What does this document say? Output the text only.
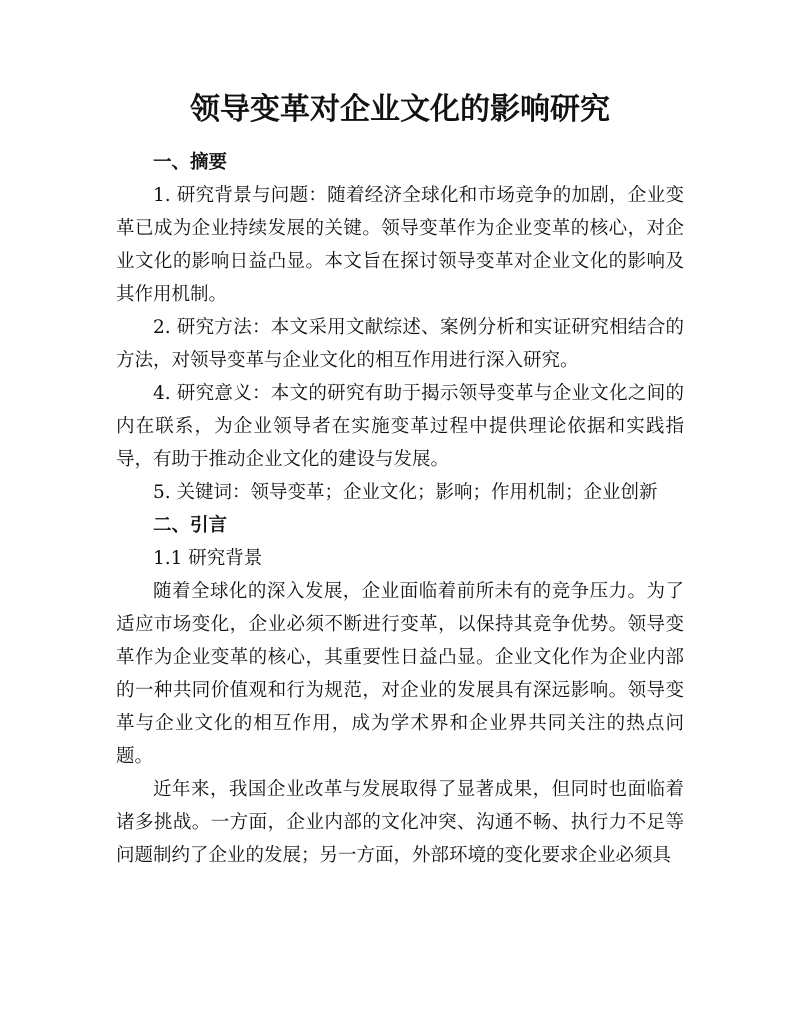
领导变革对企业文化的影响研究

一、摘要

1. 研究背景与问题：随着经济全球化和市场竞争的加剧，企业变革已成为企业持续发展的关键。领导变革作为企业变革的核心，对企业文化的影响日益凸显。本文旨在探讨领导变革对企业文化的影响及其作用机制。

2. 研究方法：本文采用文献综述、案例分析和实证研究相结合的方法，对领导变革与企业文化的相互作用进行深入研究。

4. 研究意义：本文的研究有助于揭示领导变革与企业文化之间的内在联系，为企业领导者在实施变革过程中提供理论依据和实践指导，有助于推动企业文化的建设与发展。

5. 关键词：领导变革；企业文化；影响；作用机制；企业创新

二、引言

1.1 研究背景

随着全球化的深入发展，企业面临着前所未有的竞争压力。为了适应市场变化，企业必须不断进行变革，以保持其竞争优势。领导变革作为企业变革的核心，其重要性日益凸显。企业文化作为企业内部的一种共同价值观和行为规范，对企业的发展具有深远影响。领导变革与企业文化的相互作用，成为学术界和企业界共同关注的热点问题。

近年来，我国企业改革与发展取得了显著成果，但同时也面临着诸多挑战。一方面，企业内部的文化冲突、沟通不畅、执行力不足等问题制约了企业的发展；另一方面，外部环境的变化要求企业必须具
